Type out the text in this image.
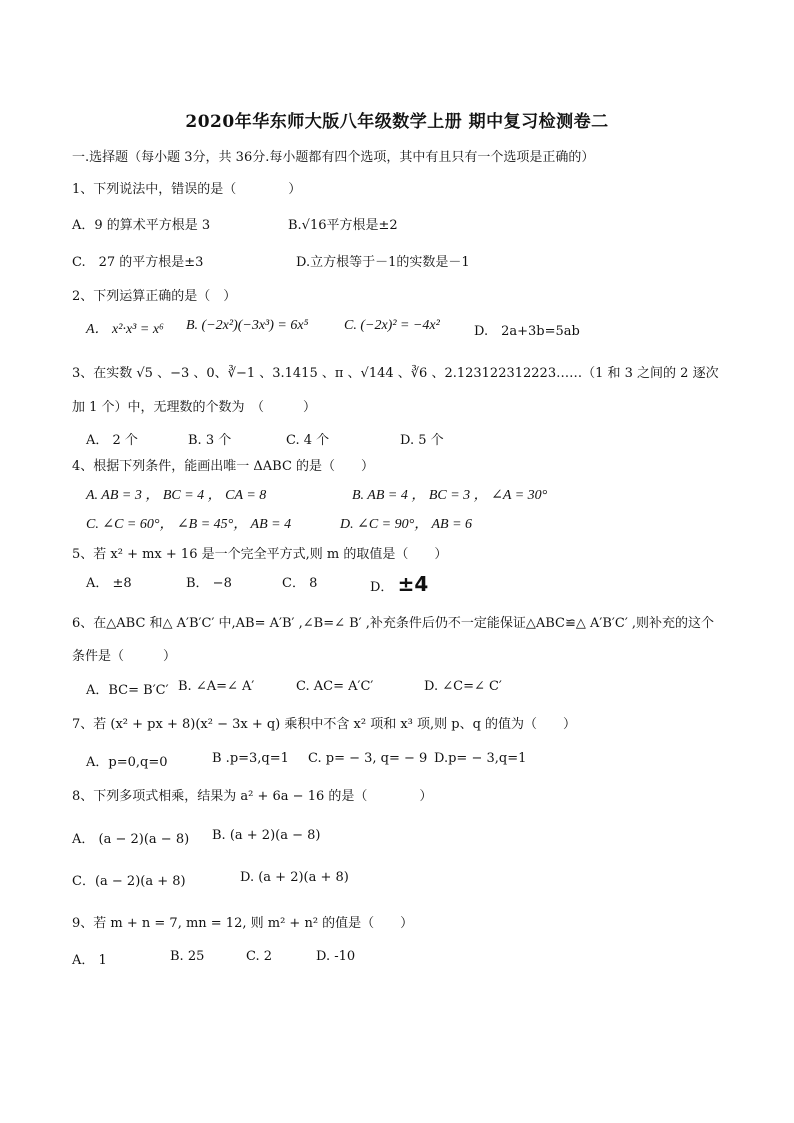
2020年华东师大版八年级数学上册 期中复习检测卷二
一.选择题（每小题 3分，共 36分.每小题都有四个选项，其中有且只有一个选项是正确的）
1、下列说法中，错误的是（　　　　）
A．9 的算术平方根是 3	B.√16平方根是±2
C.　27 的平方根是±3	D.立方根等于－1的实数是－1
2、下列运算正确的是（　）
A． x²·x³ = x⁶ B. (−2x²)(−3x³) = 6x⁵	C. (−2x)² = −4x²	D.　2a+3b=5ab
3、在实数 √5 、−3 、0、∛−1 、3.1415 、π 、√144 、∛6 、2.123122312223……（1 和 3 之间的 2 逐次
加 1 个）中，无理数的个数为　（　　　）
A． 2 个	B. 3 个	C. 4 个	D. 5 个
4、根据下列条件，能画出唯一 ΔABC 的是（　　）
A. AB = 3 ， BC = 4 ， CA = 8	B. AB = 4 ， BC = 3 ， ∠A = 30°
C. ∠C = 60°， ∠B = 45°， AB = 4	D. ∠C = 90°， AB = 6
5、若 x² + mx + 16 是一个完全平方式,则 m 的取值是（　　）
A． ±8	B． −8	C． 8	D． ±4
6、在△ABC 和△ A′B′C′ 中,AB= A′B′ ,∠B=∠ B′ ,补充条件后仍不一定能保证△ABC≌△ A′B′C′ ,则补充的这个
条件是（　　　）
A．BC= B′C′ B. ∠A=∠ A′	C. AC= A′C′	D. ∠C=∠ C′
7、若 (x² + px + 8)(x² − 3x + q) 乘积中不含 x² 项和 x³ 项,则 p、q 的值为（　　）
A．p=0,q=0	B .p=3,q=1 C. p= − 3, q= − 9 D.p= − 3,q=1
8、下列多项式相乘，结果为 a² + 6a − 16 的是（　　　　）
A． (a − 2)(a − 8) B. (a + 2)(a − 8)
C．(a − 2)(a + 8)	D. (a + 2)(a + 8)
9、若 m + n = 7, mn = 12, 则 m² + n² 的值是（　　）
A． 1	B. 25	C. 2	D. -10
